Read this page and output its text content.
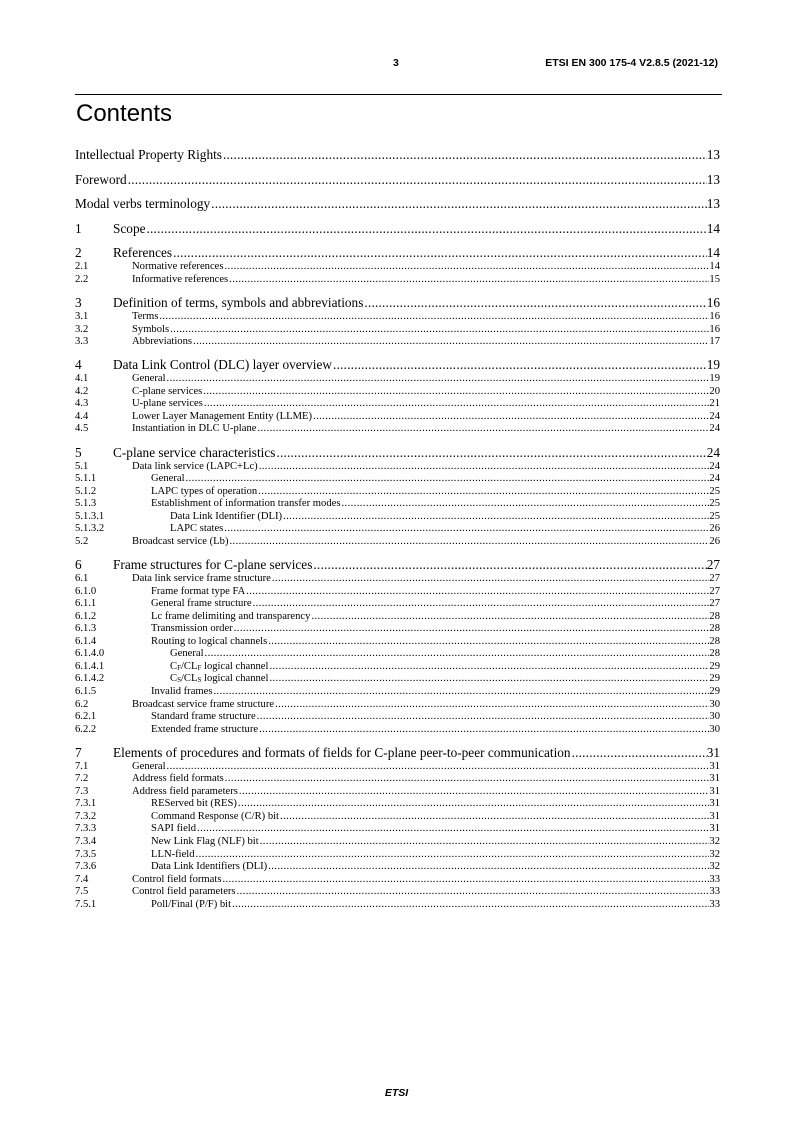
3	ETSI EN 300 175-4 V2.8.5 (2021-12)
Contents
Intellectual Property Rights .....	13
Foreword .....	13
Modal verbs terminology .....	13
1 Scope .....	14
2 References .....	14
2.1	Normative references .....	14
2.2	Informative references .....	15
3 Definition of terms, symbols and abbreviations .....	16
3.1	Terms .....	16
3.2	Symbols .....	16
3.3	Abbreviations .....	17
4 Data Link Control (DLC) layer overview .....	19
4.1	General .....	19
4.2	C-plane services .....	20
4.3	U-plane services .....	21
4.4	Lower Layer Management Entity (LLME) .....	24
4.5	Instantiation in DLC U-plane .....	24
5 C-plane service characteristics .....	24
5.1	Data link service (LAPC+Lc) .....	24
5.1.1	General .....	24
5.1.2	LAPC types of operation .....	25
5.1.3	Establishment of information transfer modes .....	25
5.1.3.1	Data Link Identifier (DLI) .....	25
5.1.3.2	LAPC states .....	26
5.2	Broadcast service (Lb) .....	26
6 Frame structures for C-plane services .....	27
6.1	Data link service frame structure .....	27
6.1.0	Frame format type FA .....	27
6.1.1	General frame structure .....	27
6.1.2	Lc frame delimiting and transparency .....	28
6.1.3	Transmission order .....	28
6.1.4	Routing to logical channels .....	28
6.1.4.0	General .....	28
6.1.4.1	$C_F/CL_F$ logical channel .....	29
6.1.4.2	$C_S/CL_S$ logical channel .....	29
6.1.5	Invalid frames .....	29
6.2	Broadcast service frame structure .....	30
6.2.1	Standard frame structure .....	30
6.2.2	Extended frame structure .....	30
7 Elements of procedures and formats of fields for C-plane peer-to-peer communication .....	31
7.1	General .....	31
7.2	Address field formats .....	31
7.3	Address field parameters .....	31
7.3.1	REServed bit (RES) .....	31
7.3.2	Command Response (C/R) bit .....	31
7.3.3	SAPI field .....	31
7.3.4	New Link Flag (NLF) bit .....	32
7.3.5	LLN-field .....	32
7.3.6	Data Link Identifiers (DLI) .....	32
7.4	Control field formats .....	33
7.5	Control field parameters .....	33
7.5.1	Poll/Final (P/F) bit .....	33
ETSI
